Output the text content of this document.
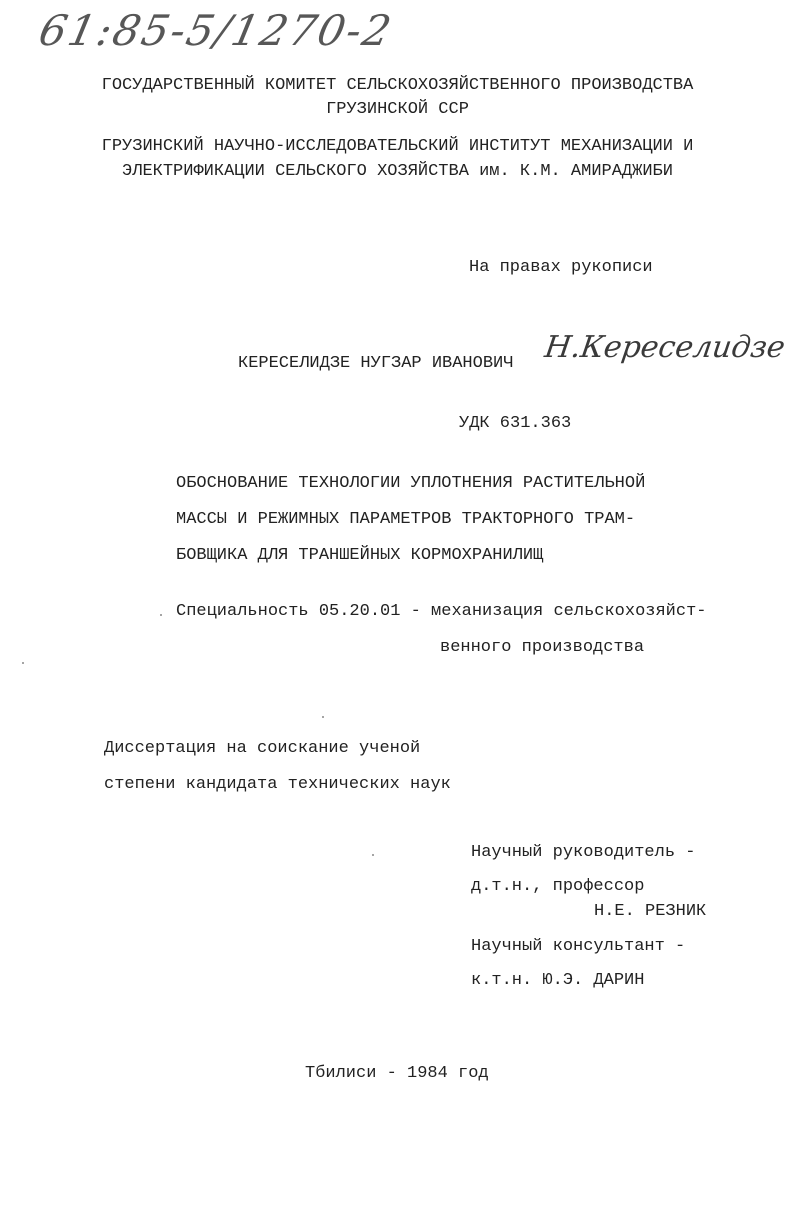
61:85-5/1270-2
ГОСУДАРСТВЕННЫЙ КОМИТЕТ СЕЛЬСКОХОЗЯЙСТВЕННОГО ПРОИЗВОДСТВА
ГРУЗИНСКОЙ ССР
ГРУЗИНСКИЙ НАУЧНО-ИССЛЕДОВАТЕЛЬСКИЙ ИНСТИТУТ МЕХАНИЗАЦИИ И
ЭЛЕКТРИФИКАЦИИ СЕЛЬСКОГО ХОЗЯЙСТВА им. К.М. АМИРАДЖИБИ
На правах рукописи
КЕРЕСЕЛИДЗЕ НУГЗАР ИВАНОВИЧ Н.Кереселидзе
УДК 631.363
ОБОСНОВАНИЕ ТЕХНОЛОГИИ УПЛОТНЕНИЯ РАСТИТЕЛЬНОЙ
МАССЫ И РЕЖИМНЫХ ПАРАМЕТРОВ ТРАКТОРНОГО ТРАМ-
БОВЩИКА ДЛЯ ТРАНШЕЙНЫХ КОРМОХРАНИЛИЩ
Специальность 05.20.01 - механизация сельскохозяйст-
венного производства
Диссертация на соискание ученой
степени кандидата технических наук
Научный руководитель -
д.т.н., профессор
Н.Е. РЕЗНИК
Научный консультант -
к.т.н. Ю.Э. ДАРИН
Тбилиси - 1984 год
